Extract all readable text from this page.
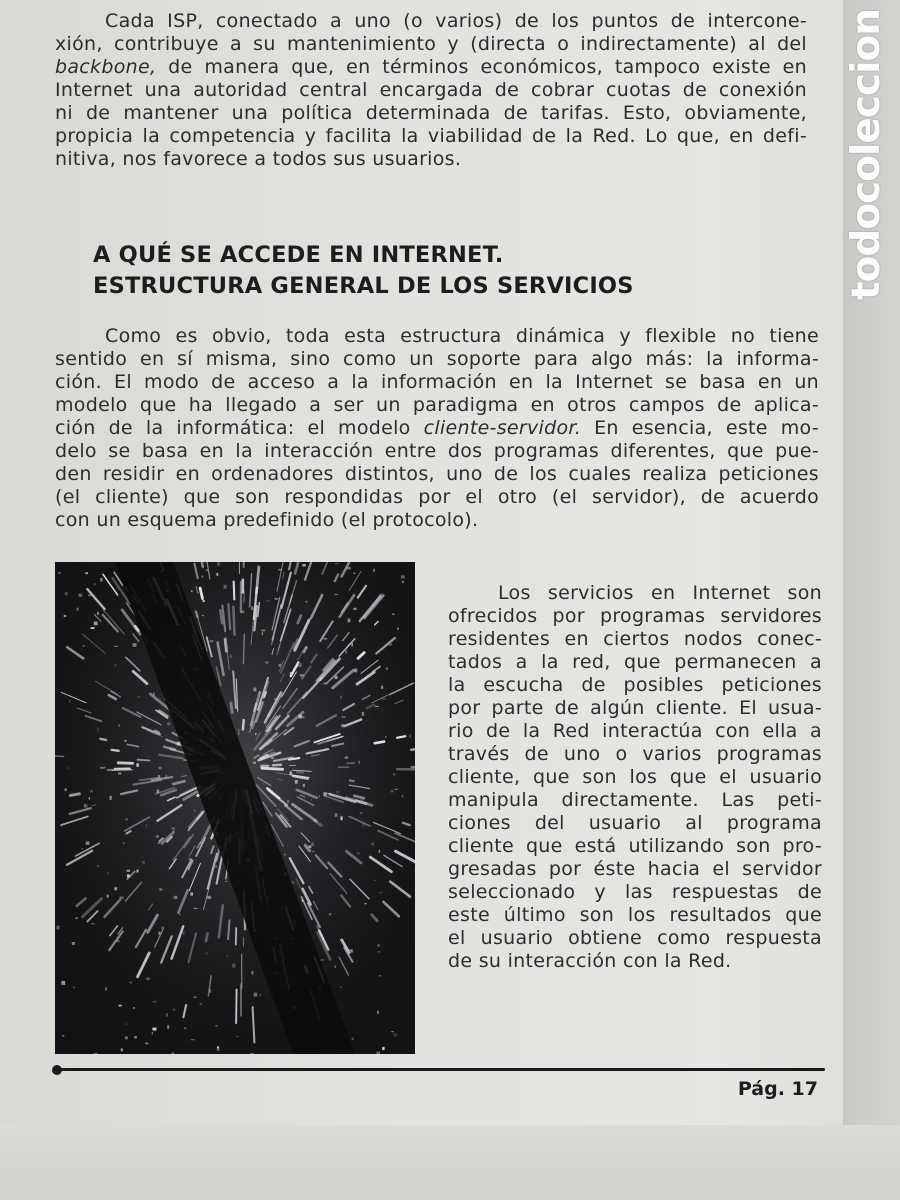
todocoleccion
Cada ISP, conectado a uno (o varios) de los puntos de intercone-
xión, contribuye a su mantenimiento y (directa o indirectamente) al del
backbone, de manera que, en términos económicos, tampoco existe en
Internet una autoridad central encargada de cobrar cuotas de conexión
ni de mantener una política determinada de tarifas. Esto, obviamente,
propicia la competencia y facilita la viabilidad de la Red. Lo que, en defi-
nitiva, nos favorece a todos sus usuarios.
A QUÉ SE ACCEDE EN INTERNET.
ESTRUCTURA GENERAL DE LOS SERVICIOS
Como es obvio, toda esta estructura dinámica y flexible no tiene
sentido en sí misma, sino como un soporte para algo más: la informa-
ción. El modo de acceso a la información en la Internet se basa en un
modelo que ha llegado a ser un paradigma en otros campos de aplica-
ción de la informática: el modelo cliente-servidor. En esencia, este mo-
delo se basa en la interacción entre dos programas diferentes, que pue-
den residir en ordenadores distintos, uno de los cuales realiza peticiones
(el cliente) que son respondidas por el otro (el servidor), de acuerdo
con un esquema predefinido (el protocolo).
Los servicios en Internet son
ofrecidos por programas servidores
residentes en ciertos nodos conec-
tados a la red, que permanecen a
la escucha de posibles peticiones
por parte de algún cliente. El usua-
rio de la Red interactúa con ella a
través de uno o varios programas
cliente, que son los que el usuario
manipula directamente. Las peti-
ciones del usuario al programa
cliente que está utilizando son pro-
gresadas por éste hacia el servidor
seleccionado y las respuestas de
este último son los resultados que
el usuario obtiene como respuesta
de su interacción con la Red.
Pág. 17
